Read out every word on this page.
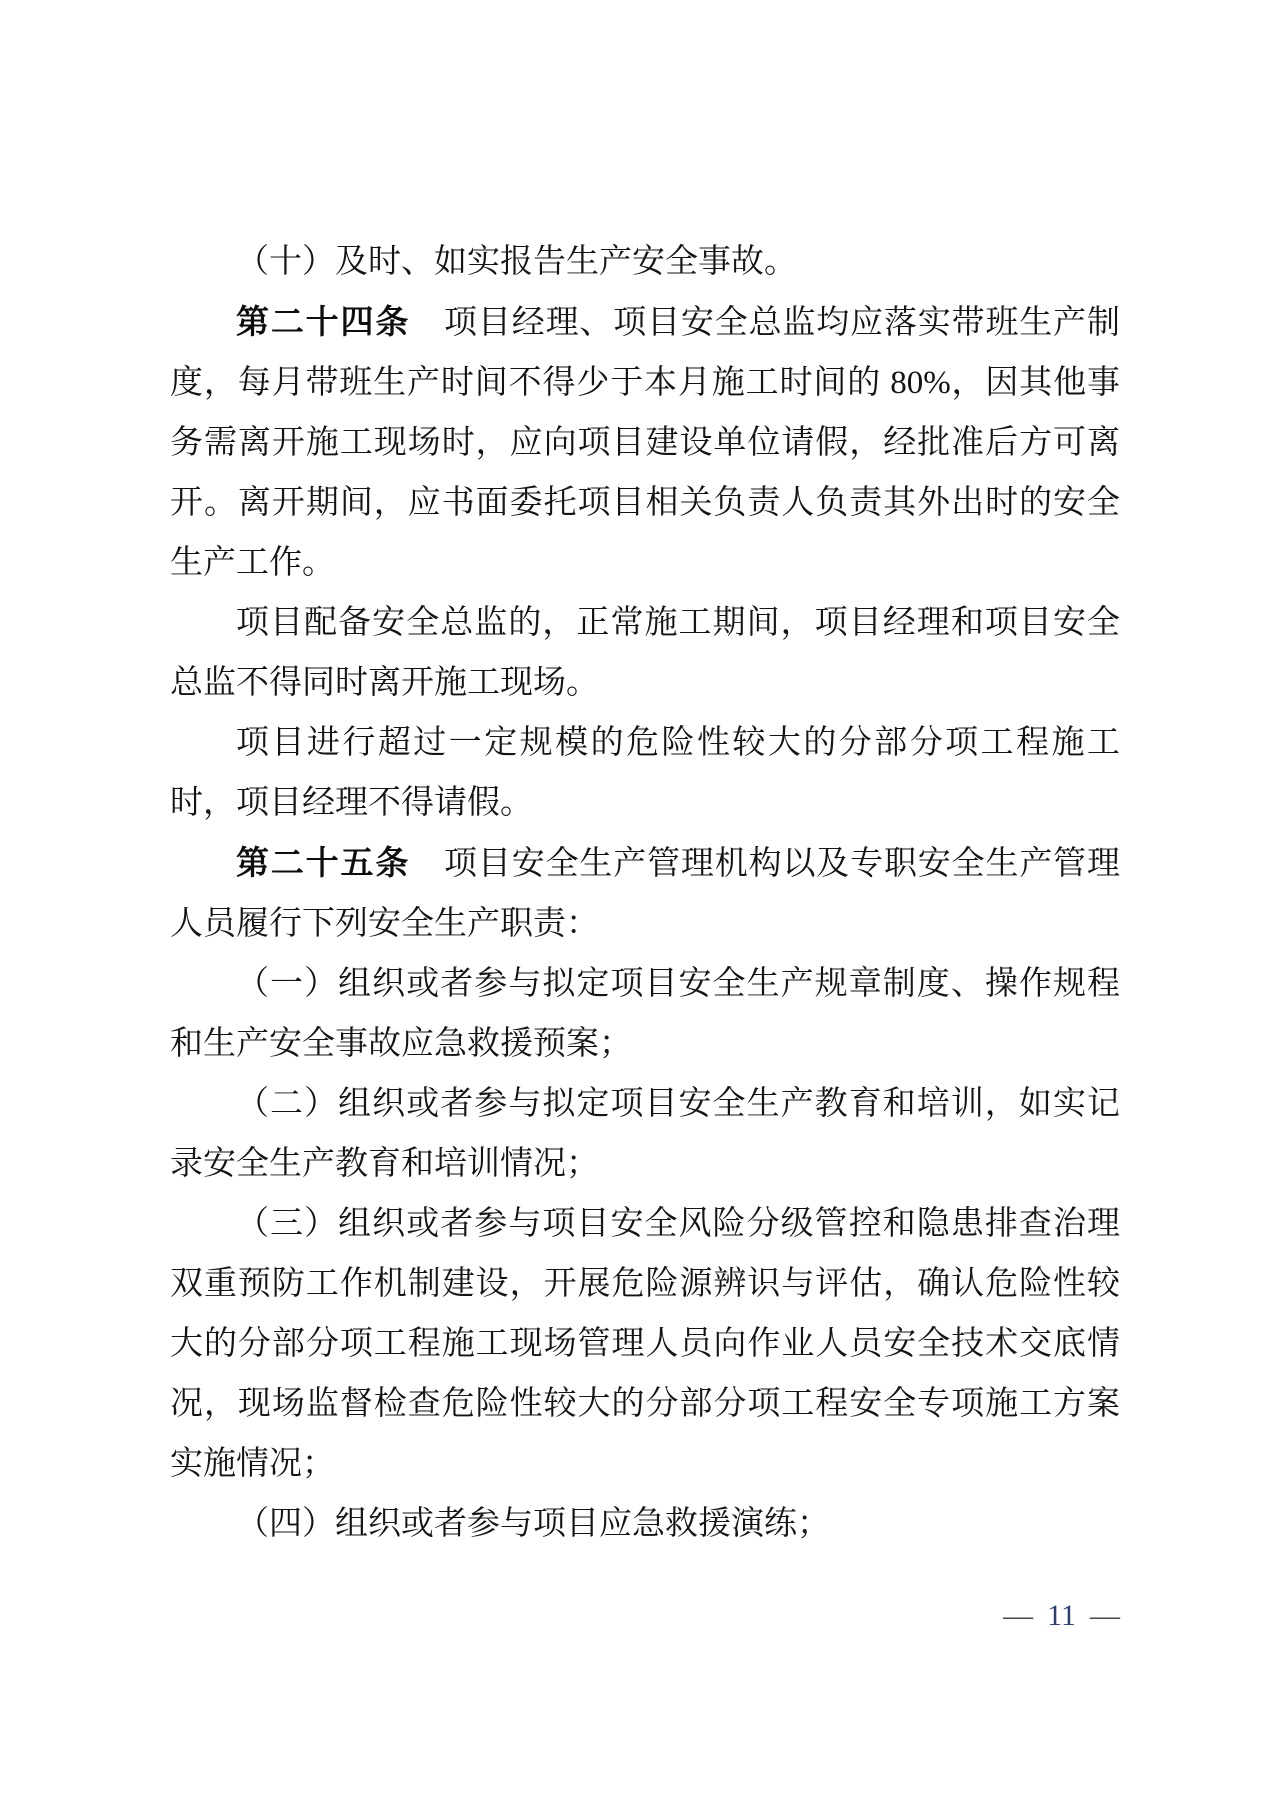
（十）及时、如实报告生产安全事故。

第二十四条　项目经理、项目安全总监均应落实带班生产制度，每月带班生产时间不得少于本月施工时间的 80%，因其他事务需离开施工现场时，应向项目建设单位请假，经批准后方可离开。离开期间，应书面委托项目相关负责人负责其外出时的安全生产工作。

项目配备安全总监的，正常施工期间，项目经理和项目安全总监不得同时离开施工现场。

项目进行超过一定规模的危险性较大的分部分项工程施工时，项目经理不得请假。

第二十五条　项目安全生产管理机构以及专职安全生产管理人员履行下列安全生产职责：

（一）组织或者参与拟定项目安全生产规章制度、操作规程和生产安全事故应急救援预案；

（二）组织或者参与拟定项目安全生产教育和培训，如实记录安全生产教育和培训情况；

（三）组织或者参与项目安全风险分级管控和隐患排查治理双重预防工作机制建设，开展危险源辨识与评估，确认危险性较大的分部分项工程施工现场管理人员向作业人员安全技术交底情况，现场监督检查危险性较大的分部分项工程安全专项施工方案实施情况；

（四）组织或者参与项目应急救援演练；

— 11 —
